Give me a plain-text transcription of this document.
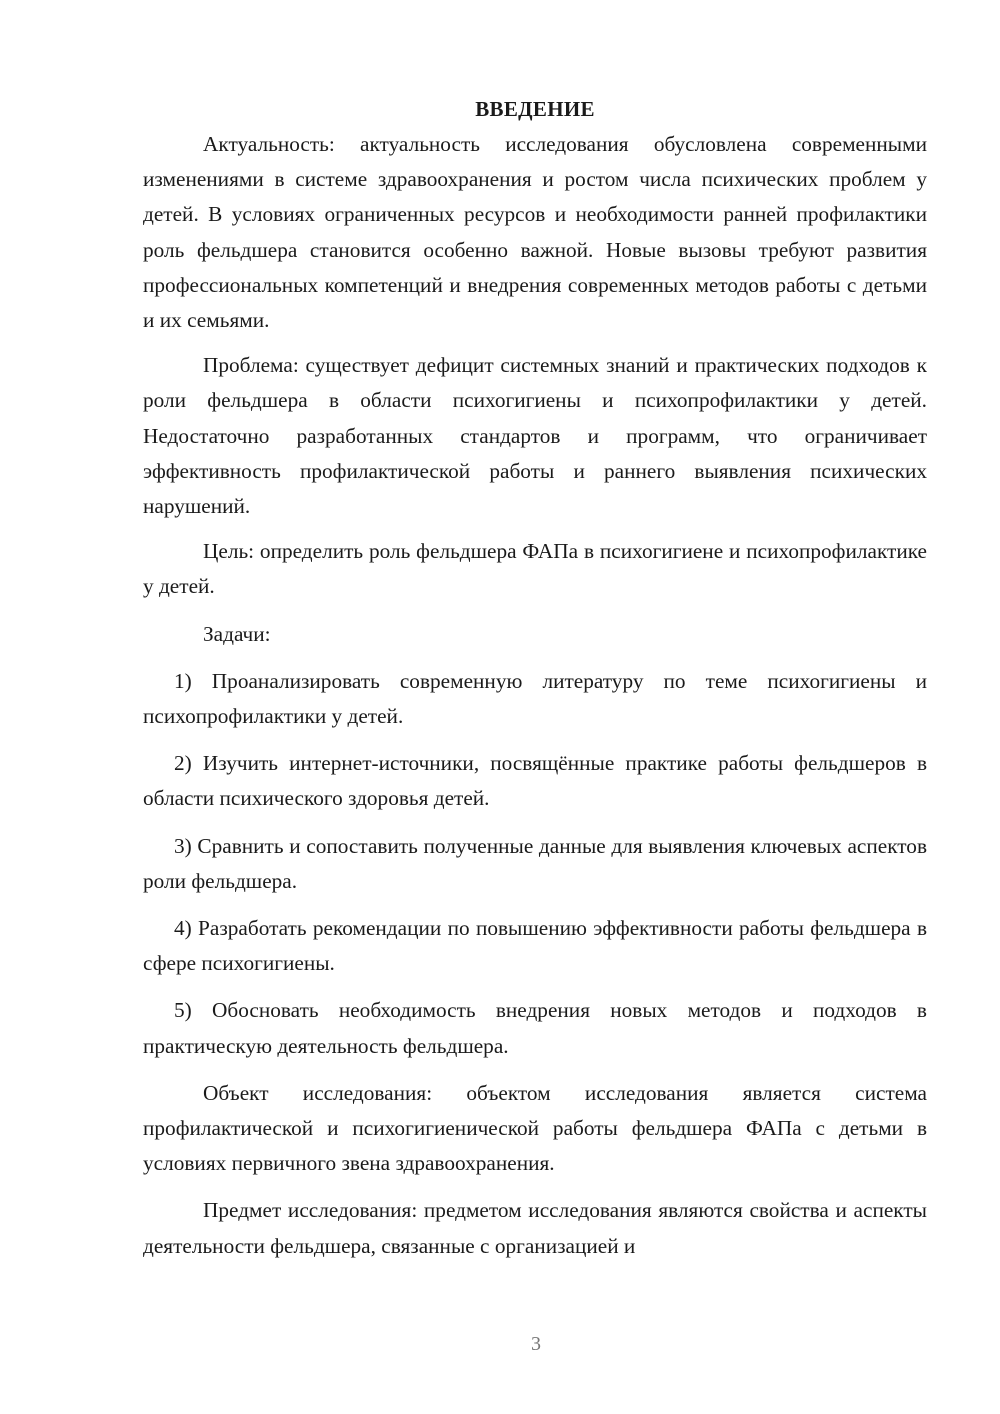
ВВЕДЕНИЕ

Актуальность: актуальность исследования обусловлена современными изменениями в системе здравоохранения и ростом числа психических проблем у детей. В условиях ограниченных ресурсов и необходимости ранней профилактики роль фельдшера становится особенно важной. Новые вызовы требуют развития профессиональных компетенций и внедрения современных методов работы с детьми и их семьями.

Проблема: существует дефицит системных знаний и практических подходов к роли фельдшера в области психогигиены и психопрофилактики у детей. Недостаточно разработанных стандартов и программ, что ограничивает эффективность профилактической работы и раннего выявления психических нарушений.

Цель: определить роль фельдшера ФАПа в психогигиене и психопрофилактике у детей.

Задачи:

1) Проанализировать современную литературу по теме психогигиены и психопрофилактики у детей.

2) Изучить интернет-источники, посвящённые практике работы фельдшеров в области психического здоровья детей.

3) Сравнить и сопоставить полученные данные для выявления ключевых аспектов роли фельдшера.

4) Разработать рекомендации по повышению эффективности работы фельдшера в сфере психогигиены.

5) Обосновать необходимость внедрения новых методов и подходов в практическую деятельность фельдшера.

Объект исследования: объектом исследования является система профилактической и психогигиенической работы фельдшера ФАПа с детьми в условиях первичного звена здравоохранения.

Предмет исследования: предметом исследования являются свойства и аспекты деятельности фельдшера, связанные с организацией и

3
